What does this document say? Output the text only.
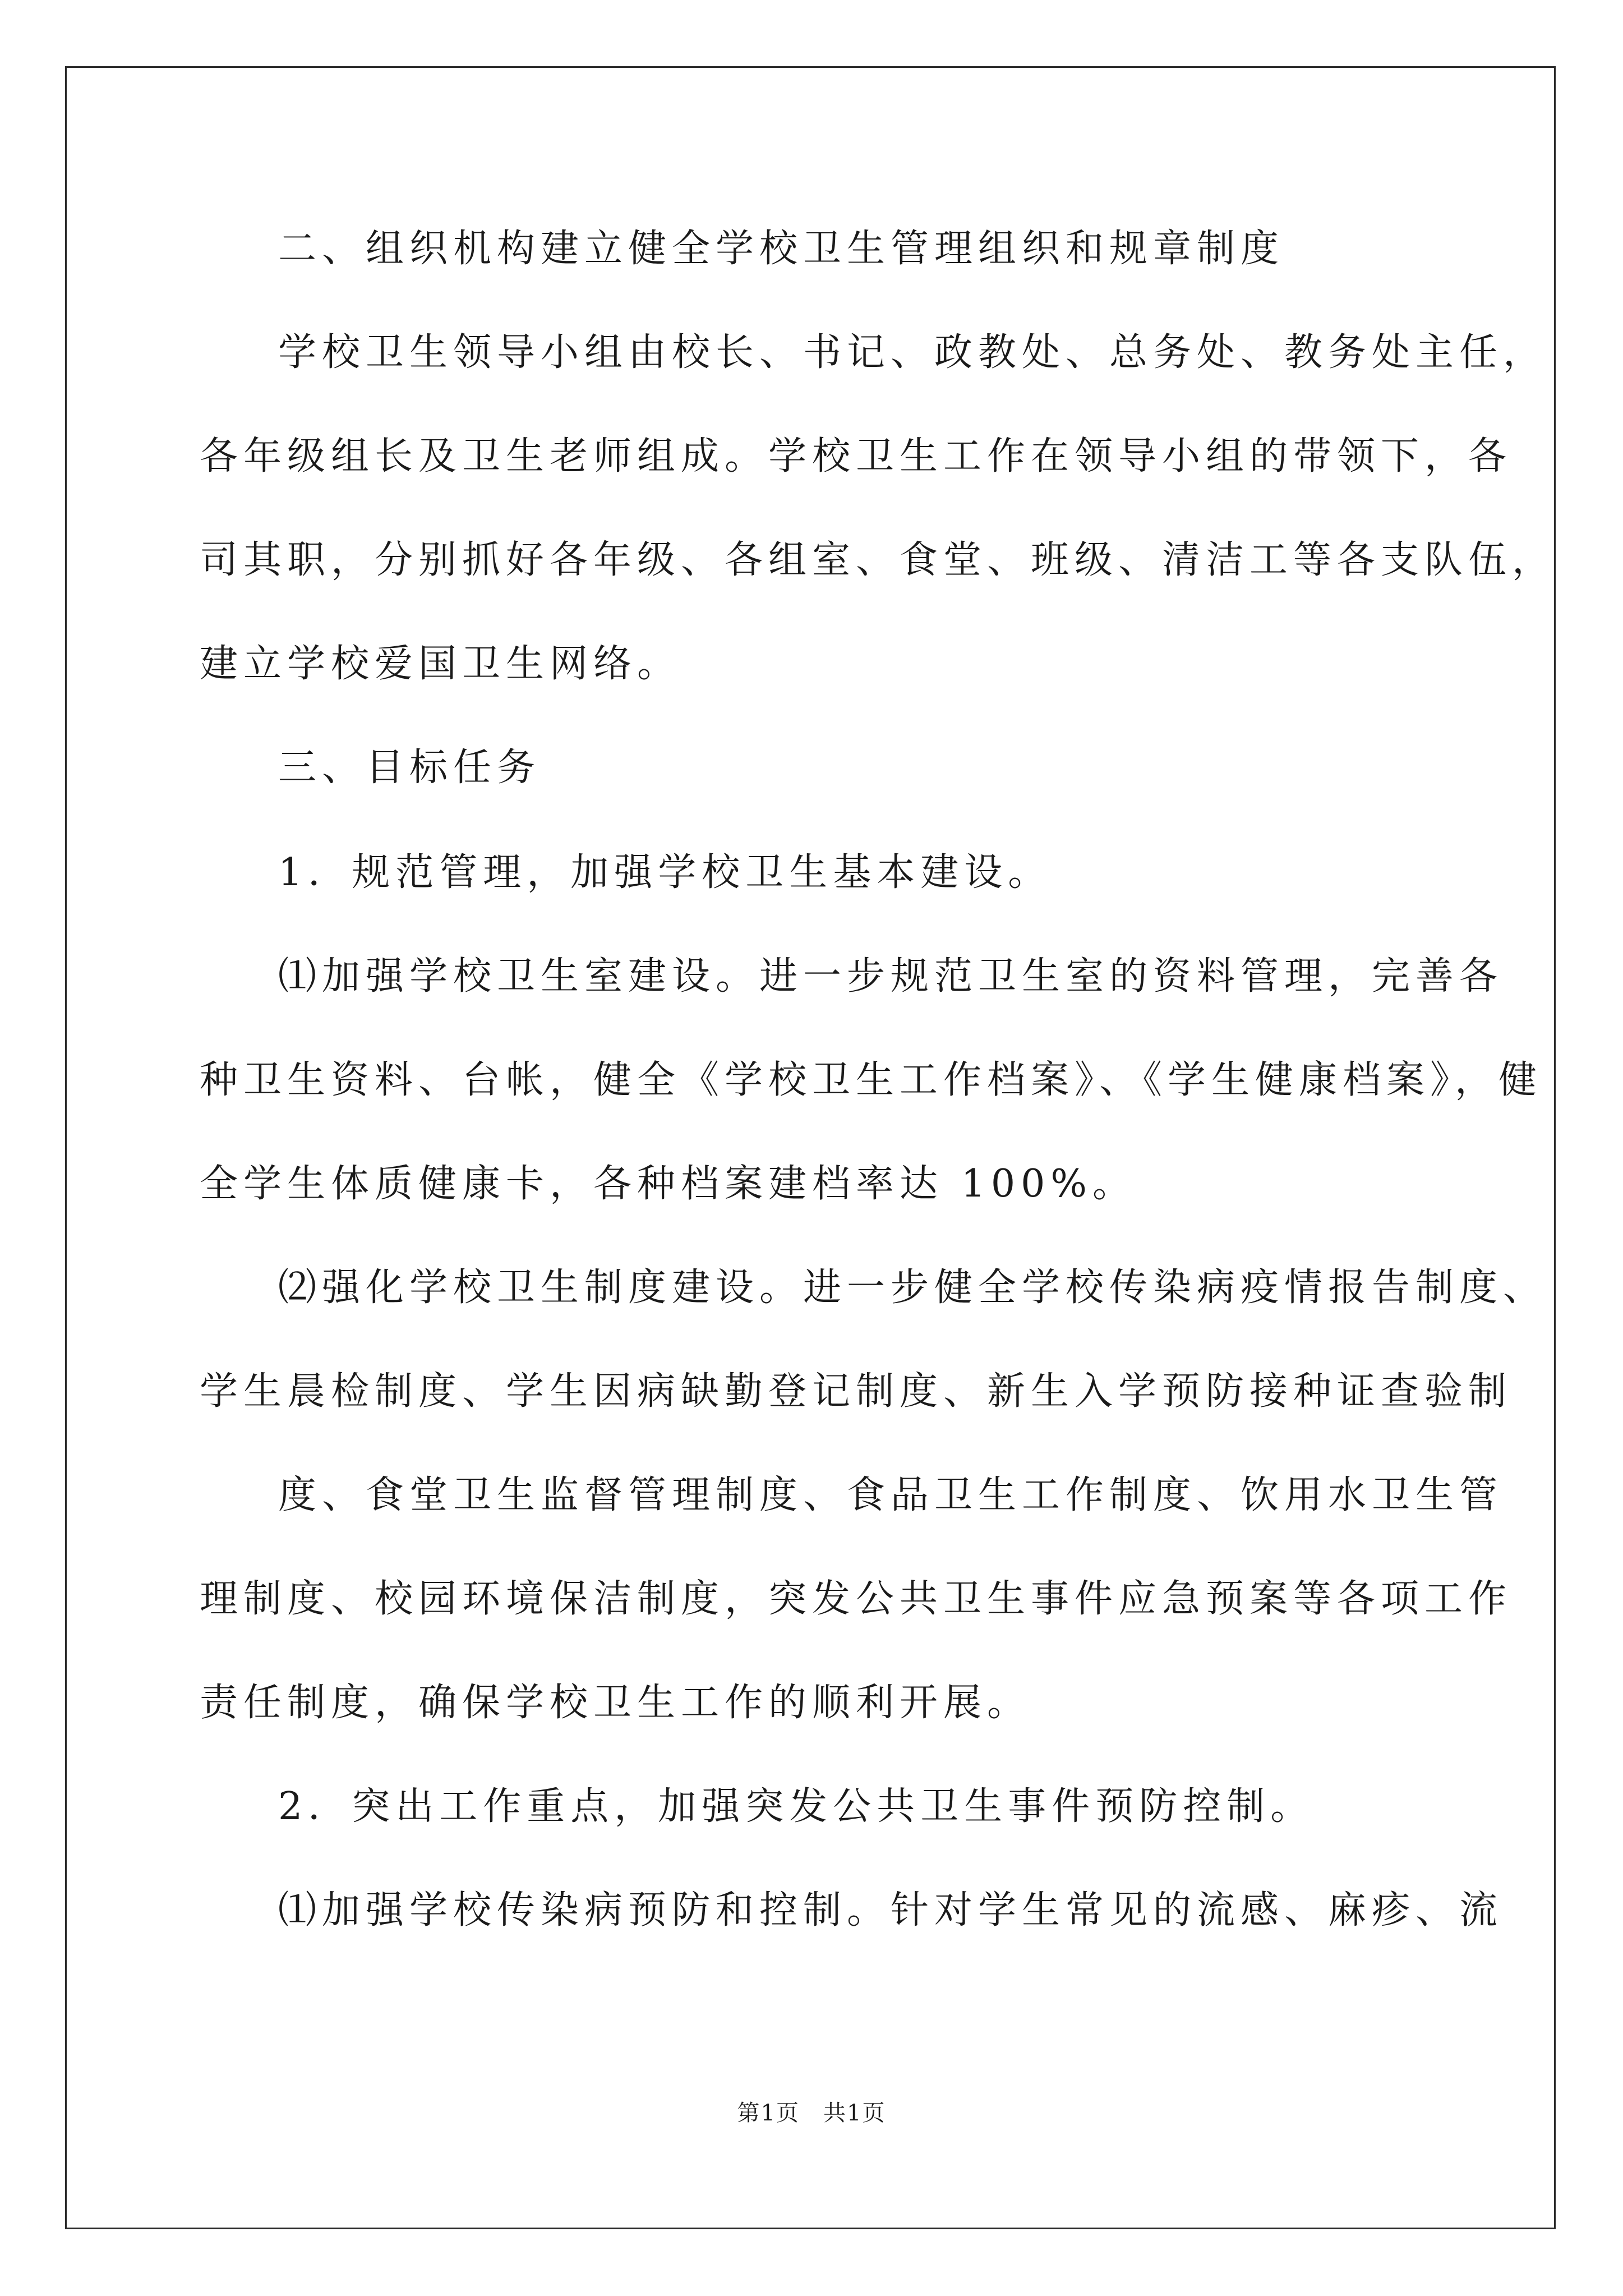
二、组织机构建立健全学校卫生管理组织和规章制度
学校卫生领导小组由校长、书记、政教处、总务处、教务处主任，
各年级组长及卫生老师组成。学校卫生工作在领导小组的带领下，各
司其职，分别抓好各年级、各组室、食堂、班级、清洁工等各支队伍，
建立学校爱国卫生网络。
三、目标任务
1．规范管理，加强学校卫生基本建设。
⑴加强学校卫生室建设。进一步规范卫生室的资料管理，完善各
种卫生资料、台帐，健全《学校卫生工作档案》、《学生健康档案》，健
全学生体质健康卡，各种档案建档率达 100%。
⑵强化学校卫生制度建设。进一步健全学校传染病疫情报告制度、
学生晨检制度、学生因病缺勤登记制度、新生入学预防接种证查验制
度、食堂卫生监督管理制度、食品卫生工作制度、饮用水卫生管
理制度、校园环境保洁制度，突发公共卫生事件应急预案等各项工作
责任制度，确保学校卫生工作的顺利开展。
2．突出工作重点，加强突发公共卫生事件预防控制。
⑴加强学校传染病预防和控制。针对学生常见的流感、麻疹、流
第1页　共1页
